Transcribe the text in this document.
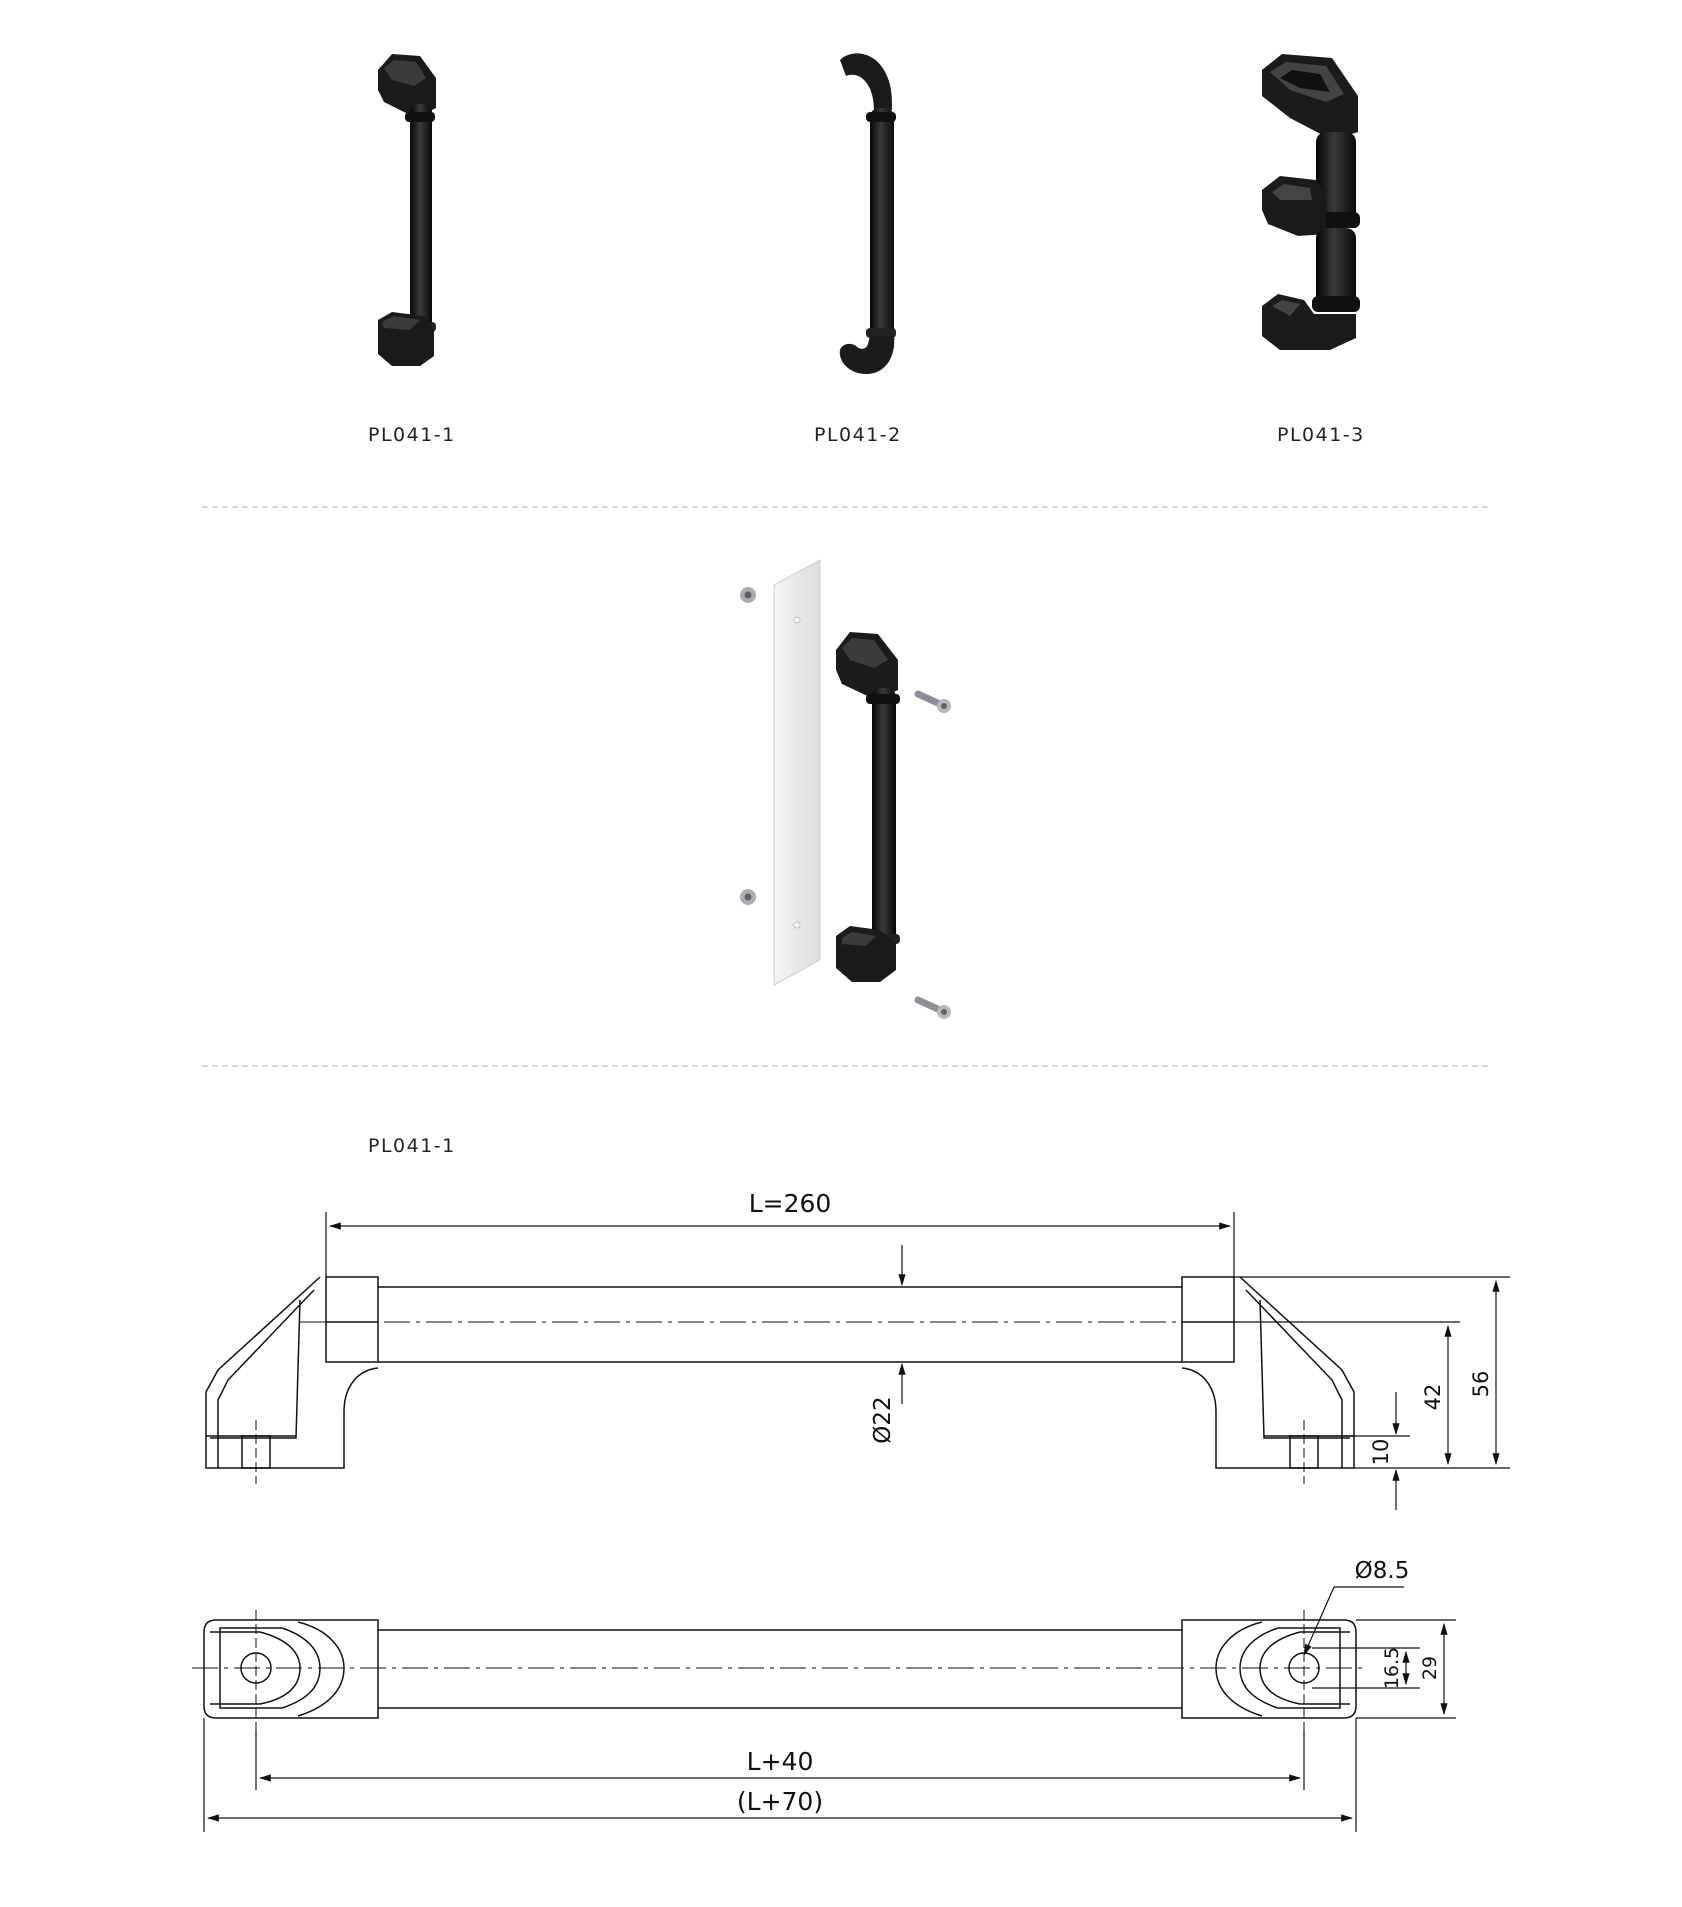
PL041-1	PL041-2	PL041-3
PL041-1
L=260
Ø22
56
42
10
Ø8.5
16.5 29
L+40
(L+70)
